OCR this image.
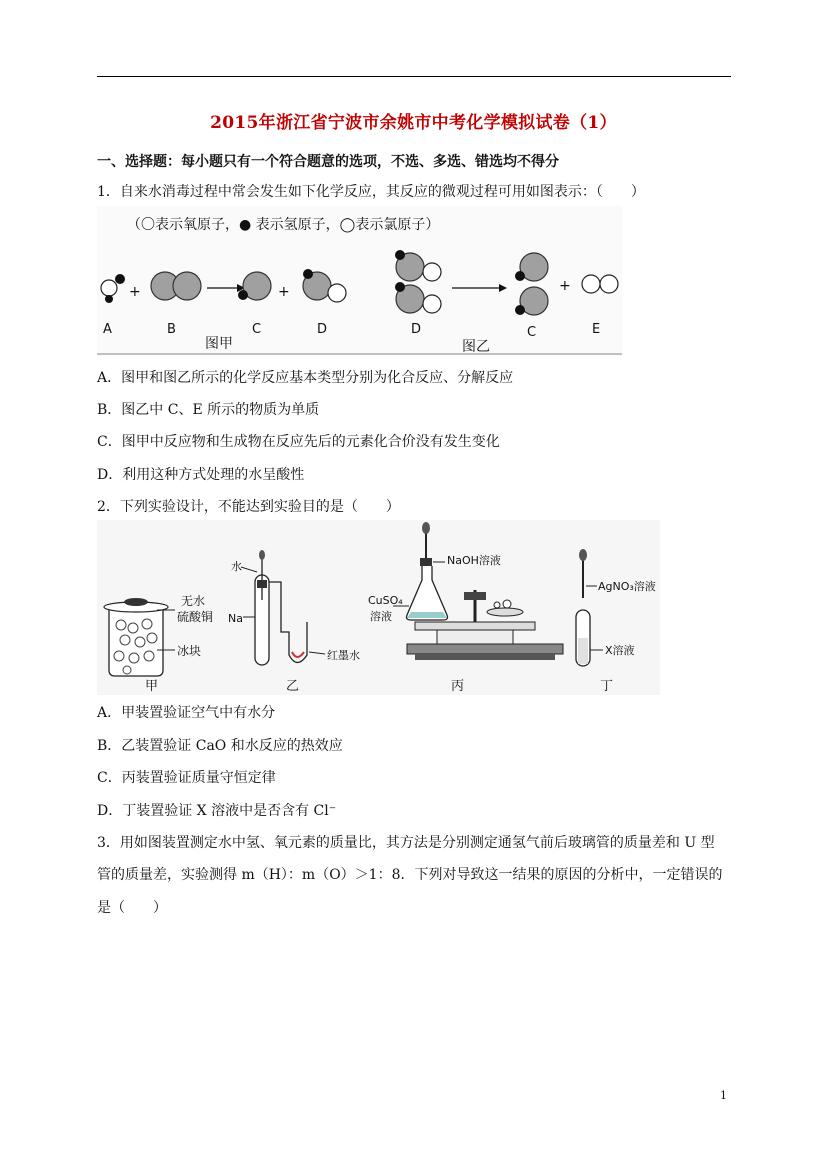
2015年浙江省宁波市余姚市中考化学模拟试卷（1）
一、选择题：每小题只有一个符合题意的选项，不选、多选、错选均不得分
1．自来水消毒过程中常会发生如下化学反应，其反应的微观过程可用如图表示：（　　）
（〇表示氧原子，● 表示氢原子，◯表示氯原子）
+	+
A	B	C	D
图甲
+
D	C	E
图乙
A．图甲和图乙所示的化学反应基本类型分别为化合反应、分解反应
B．图乙中 C、E 所示的物质为单质
C．图甲中反应物和生成物在反应先后的元素化合价没有发生变化
D．利用这种方式处理的水呈酸性
2．下列实验设计，不能达到实验目的是（　　）
无水
硫酸铜
冰块
甲
水
Na
红墨水
乙
NaOH溶液
CuSO₄
溶液
丙
AgNO₃溶液
X溶液
丁
A．甲装置验证空气中有水分
B．乙装置验证 CaO 和水反应的热效应
C．丙装置验证质量守恒定律
D．丁装置验证 X 溶液中是否含有 Cl⁻
3．用如图装置测定水中氢、氧元素的质量比，其方法是分别测定通氢气前后玻璃管的质量差和 U 型
管的质量差，实验测得 m（H）：m（O）＞1：8．下列对导致这一结果的原因的分析中，一定错误的
是（　　）
1
